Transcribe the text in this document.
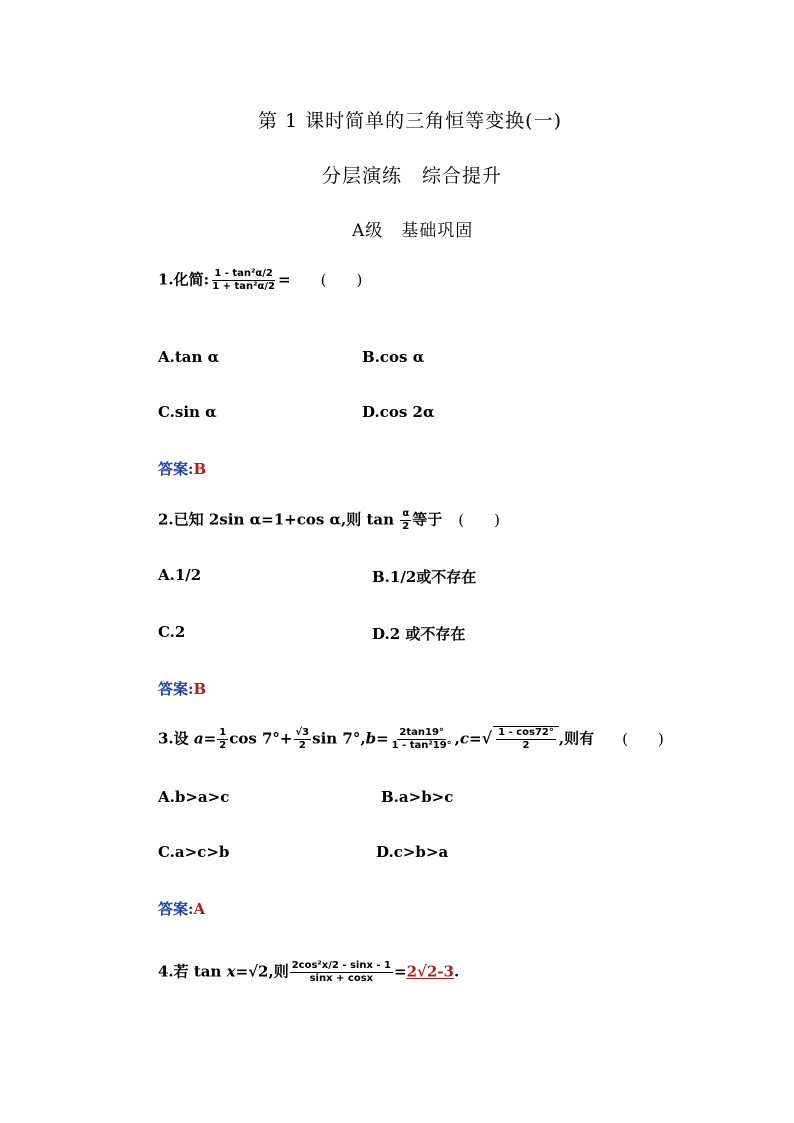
第 1 课时简单的三角恒等变换(一)
分层演练　综合提升
A级　基础巩固
1.化简: $\frac{\text{1 - tan²α/2}}{\text{1 + tan²α/2}}$ = (　　)
A.tan α	B.cos α
C.sin α	D.cos 2α
答案:B
2.已知 2sin α=1+cos α,则 $\tan \frac{\alpha}{2}$ 等于 (　　)
A.1/2	B.1/2或不存在
C.2	D.2 或不存在
答案:B
3.设 $a= \frac{1}{2}$ $\cos 7^\circ+ \frac{√3}{2}$ $\sin 7^\circ,b= \frac{2\tan 19^\circ}{\text{1 - tan²19°}} ,c=√ \frac{1 - \cos 72^\circ}{2}$ ,则有 (　　)
A.b>a>c	B.a>b>c
C.a>c>b	D.c>b>a
答案:A
4.若 tan x=√2,则 $\frac{\text{2cos²x/2 - sinx - 1}}{\sin x + \cos x} =2√2-3$.
